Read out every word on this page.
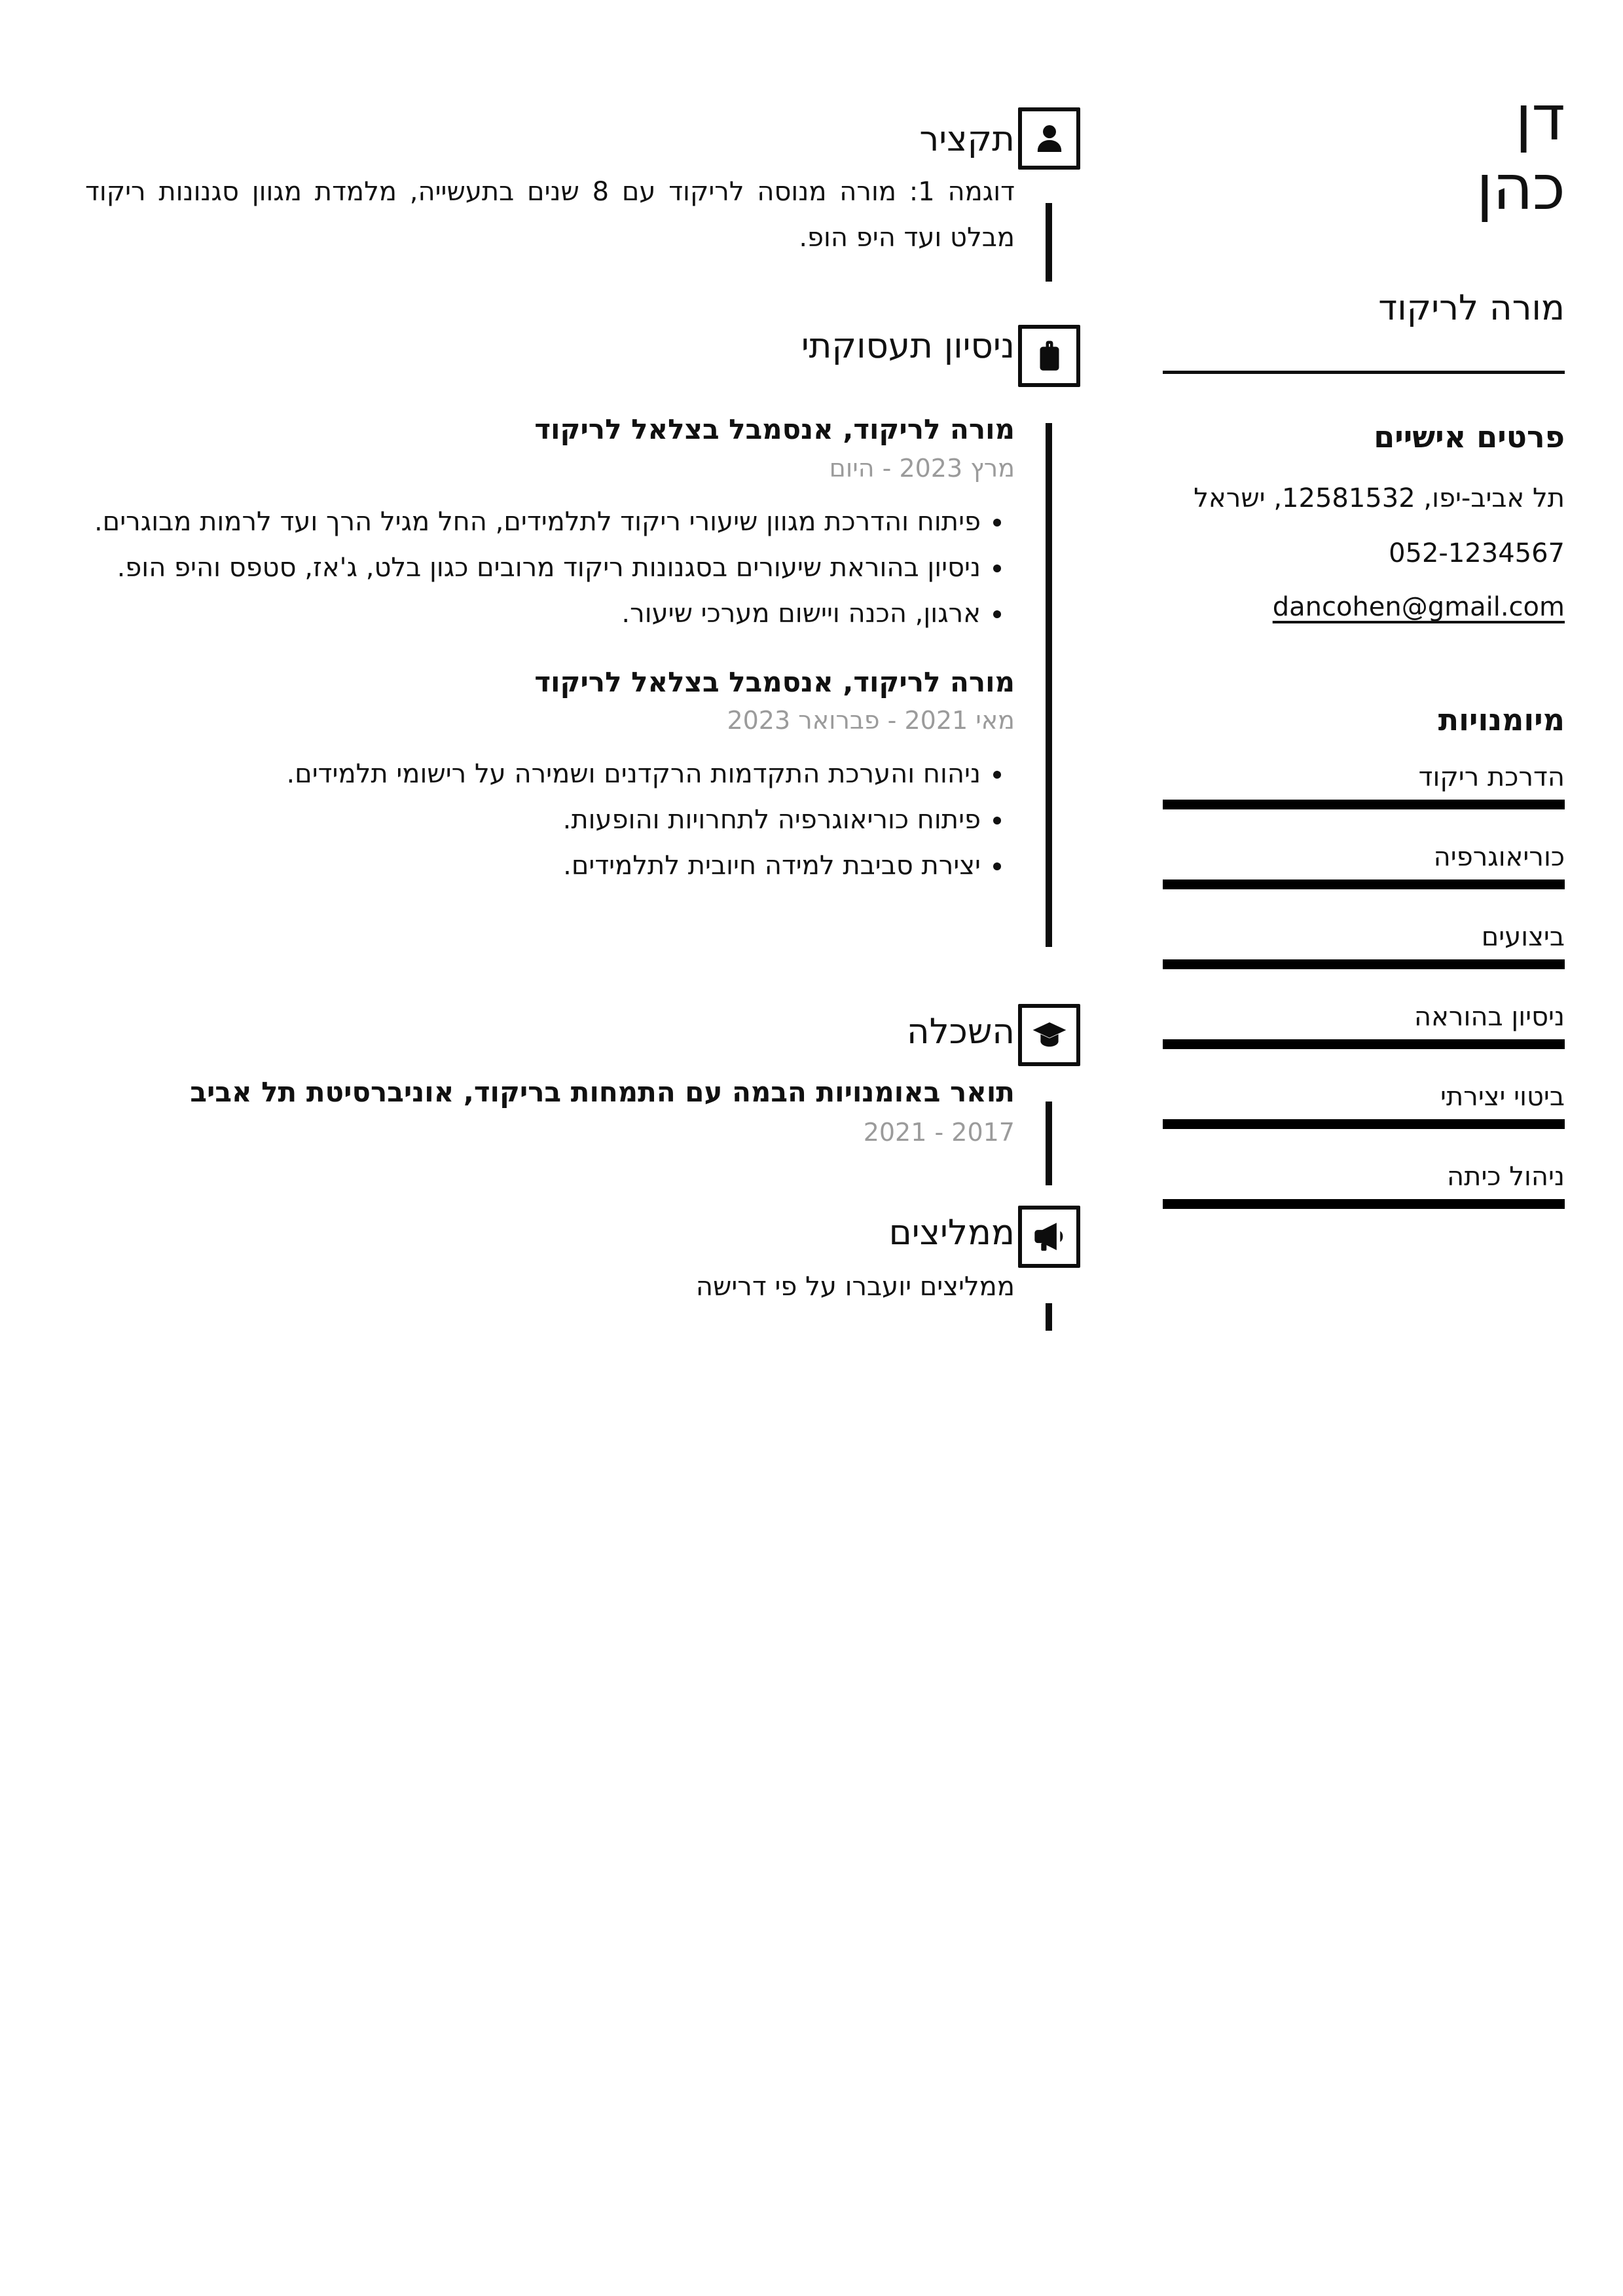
דן
כהן
מורה לריקוד
פרטים אישיים
תל אביב-יפו, 12581532, ישראל
052-1234567
dancohen@gmail.com
מיומנויות
הדרכת ריקוד
כוריאוגרפיה
ביצועים
ניסיון בהוראה
ביטוי יצירתי
ניהול כיתה
תקציר
דוגמה 1: מורה מנוסה לריקוד עם 8 שנים בתעשייה, מלמדת מגוון סגנונות ריקוד מבלט ועד היפ הופ.
ניסיון תעסוקתי
מורה לריקוד, אנסמבל בצלאל לריקוד
מרץ 2023 - היום
• פיתוח והדרכת מגוון שיעורי ריקוד לתלמידים, החל מגיל הרך ועד לרמות מבוגרים.
• ניסיון בהוראת שיעורים בסגנונות ריקוד מרובים כגון בלט, ג'אז, סטפס והיפ הופ.
• ארגון, הכנה ויישום מערכי שיעור.
מורה לריקוד, אנסמבל בצלאל לריקוד
מאי 2021 - פברואר 2023
• ניהוח והערכת התקדמות הרקדנים ושמירה על רישומי תלמידים.
• פיתוח כוריאוגרפיה לתחרויות והופעות.
• יצירת סביבת למידה חיובית לתלמידים.
השכלה
תואר באומנויות הבמה עם התמחות בריקוד, אוניברסיטת תל אביב
2017 - 2021
ממליצים
ממליצים יועברו על פי דרישה
